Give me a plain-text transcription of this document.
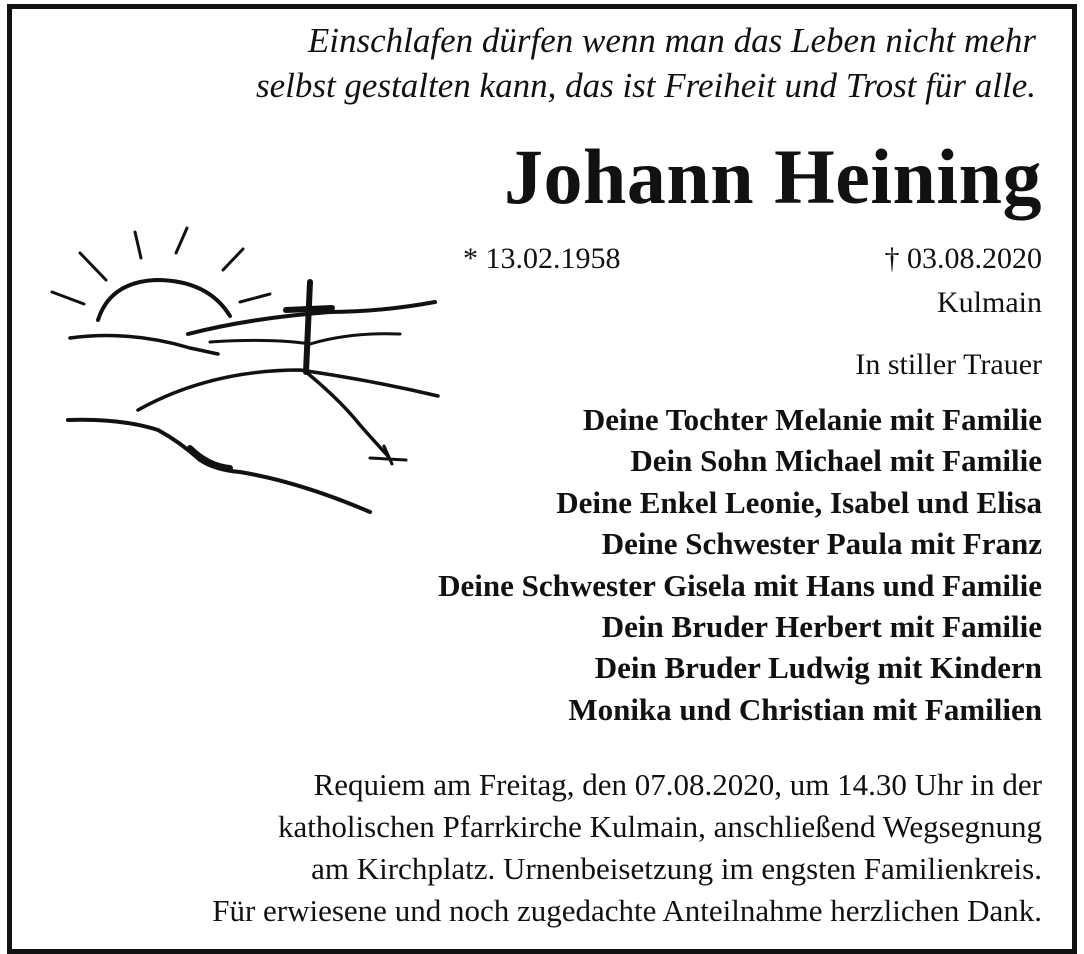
Einschlafen dürfen wenn man das Leben nicht mehr
selbst gestalten kann, das ist Freiheit und Trost für alle.
Johann Heining
* 13.02.1958	† 03.08.2020
Kulmain
In stiller Trauer
Deine Tochter Melanie mit Familie
Dein Sohn Michael mit Familie
Deine Enkel Leonie, Isabel und Elisa
Deine Schwester Paula mit Franz
Deine Schwester Gisela mit Hans und Familie
Dein Bruder Herbert mit Familie
Dein Bruder Ludwig mit Kindern
Monika und Christian mit Familien
Requiem am Freitag, den 07.08.2020, um 14.30 Uhr in der
katholischen Pfarrkirche Kulmain, anschließend Wegsegnung
am Kirchplatz. Urnenbeisetzung im engsten Familienkreis.
Für erwiesene und noch zugedachte Anteilnahme herzlichen Dank.
